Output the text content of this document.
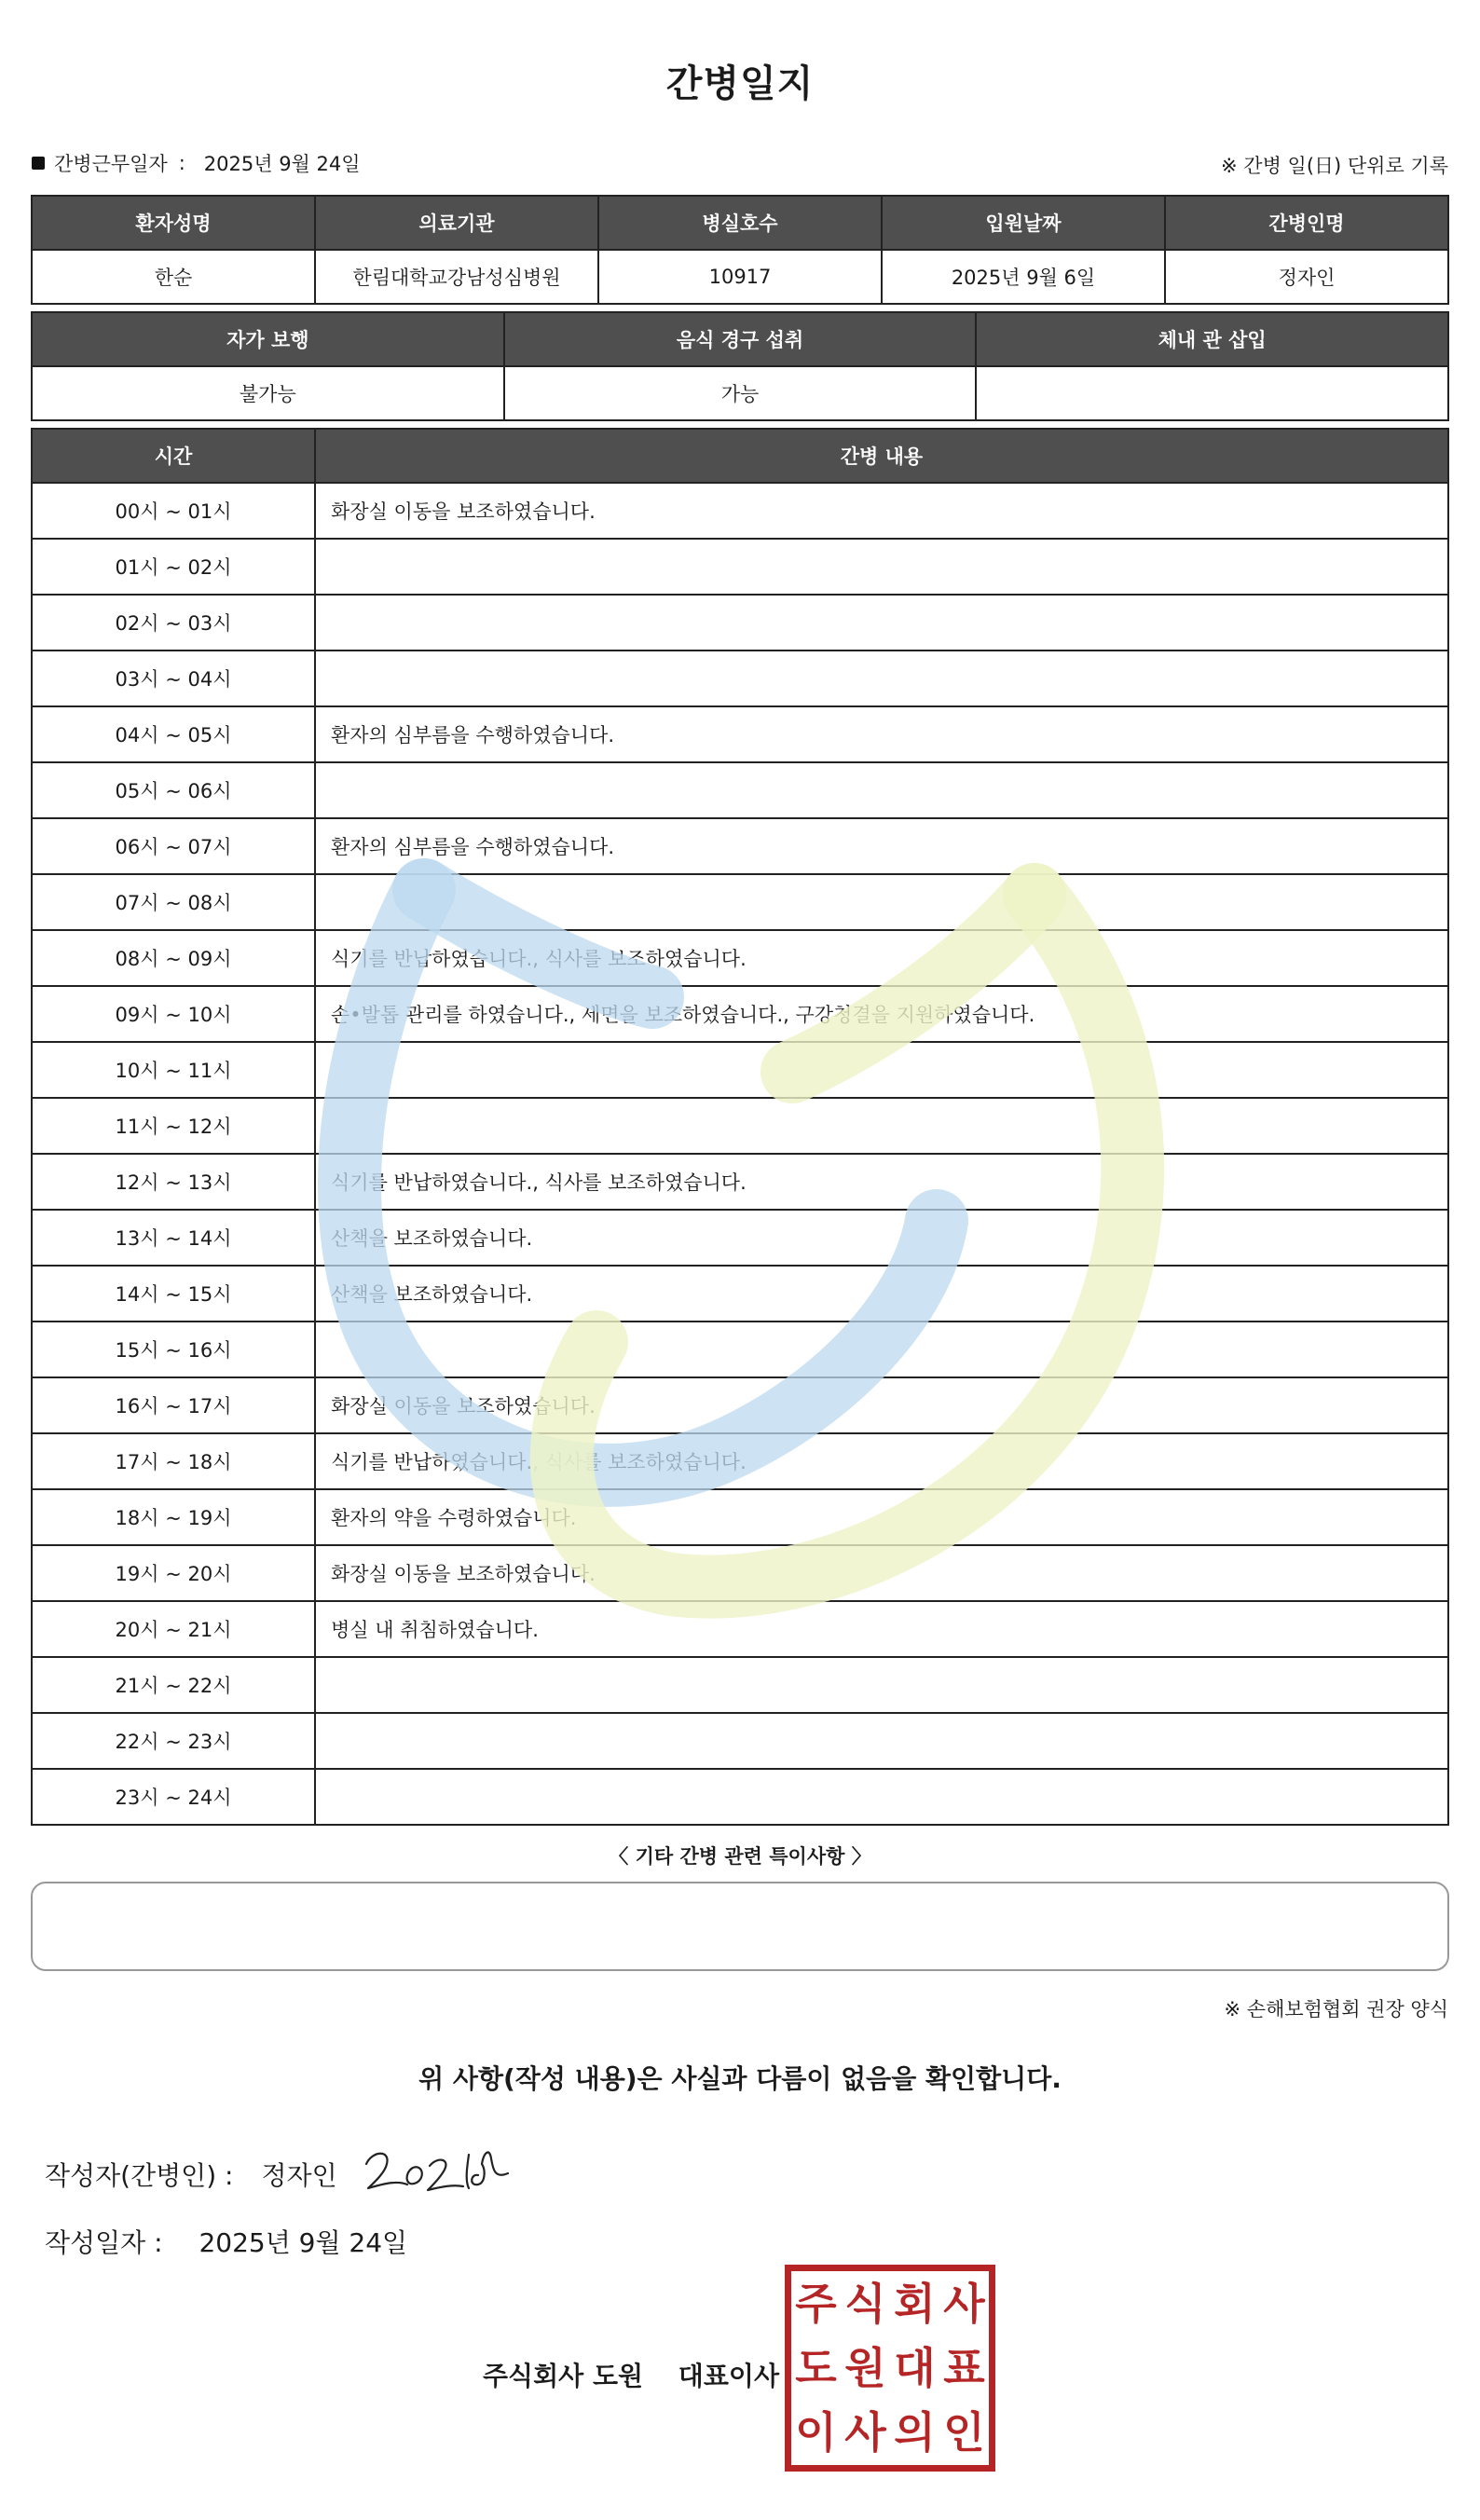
간병일지
간병근무일자 : 2025년 9월 24일	※ 간병 일(日) 단위로 기록
환자성명	의료기관	병실호수	입원날짜	간병인명
한순	한림대학교강남성심병원	10917	2025년 9월 6일	정자인
자가 보행	음식 경구 섭취	체내 관 삽입
불가능	가능	
시간	간병 내용
00시 ~ 01시	화장실 이동을 보조하였습니다.
01시 ~ 02시	
02시 ~ 03시	
03시 ~ 04시	
04시 ~ 05시	환자의 심부름을 수행하였습니다.
05시 ~ 06시	
06시 ~ 07시	환자의 심부름을 수행하였습니다.
07시 ~ 08시	
08시 ~ 09시	식기를 반납하였습니다., 식사를 보조하였습니다.
09시 ~ 10시	손•발톱 관리를 하였습니다., 세면을 보조하였습니다., 구강청결을 지원하였습니다.
10시 ~ 11시	
11시 ~ 12시	
12시 ~ 13시	식기를 반납하였습니다., 식사를 보조하였습니다.
13시 ~ 14시	산책을 보조하였습니다.
14시 ~ 15시	산책을 보조하였습니다.
15시 ~ 16시	
16시 ~ 17시	화장실 이동을 보조하였습니다.
17시 ~ 18시	식기를 반납하였습니다., 식사를 보조하였습니다.
18시 ~ 19시	환자의 약을 수령하였습니다.
19시 ~ 20시	화장실 이동을 보조하였습니다.
20시 ~ 21시	병실 내 취침하였습니다.
21시 ~ 22시	
22시 ~ 23시	
23시 ~ 24시	
〈 기타 간병 관련 특이사항 〉
※ 손해보험협회 권장 양식
위 사항(작성 내용)은 사실과 다름이 없음을 확인합니다.
작성자(간병인) : 정자인
작성일자 : 2025년 9월 24일
주식회사 도원 대표이사
주 식 회 사
도 원 대 표
이 사 의 인
